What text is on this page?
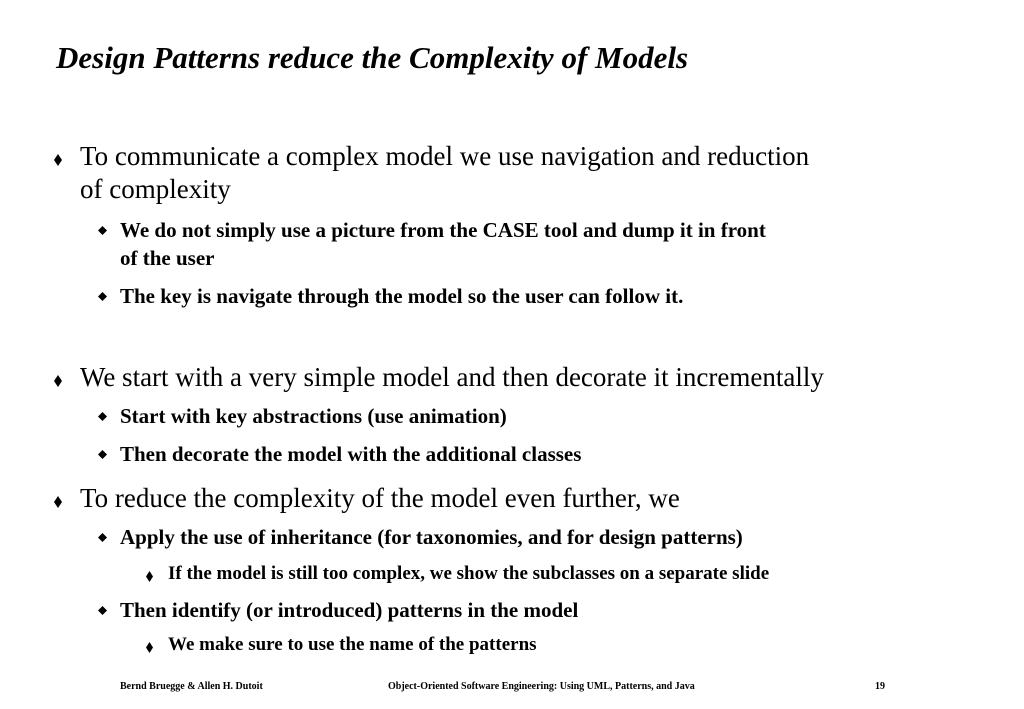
Design Patterns reduce the Complexity of Models
To communicate a complex model we use navigation and reduction
of complexity
We do not simply use a picture from the CASE tool and dump it in front
of the user
The key is navigate through the model so the user can follow it.
We start with a very simple model and then decorate it incrementally
Start with key abstractions (use animation)
Then decorate the model with the additional classes
To reduce the complexity of the model even further, we
Apply the use of inheritance (for taxonomies, and for design patterns)
If the model is still too complex, we show the subclasses on a separate slide
Then identify (or introduced) patterns in the model
We make sure to use the name of the patterns
Bernd Bruegge & Allen H. Dutoit	Object-Oriented Software Engineering: Using UML, Patterns, and Java	19
